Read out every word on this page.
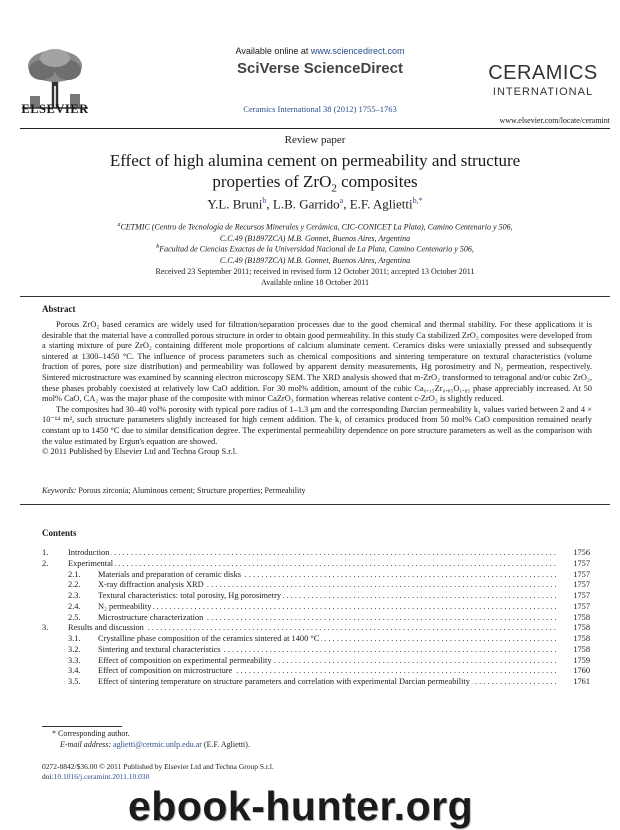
ELSEVIER
Available online at www.sciencedirect.com
SciVerse ScienceDirect
Ceramics International 38 (2012) 1755–1763
CERAMICS
INTERNATIONAL
www.elsevier.com/locate/ceramint
Review paper
Effect of high alumina cement on permeability and structure
properties of ZrO$_2$ composites
Y.L. Bruni$^b$, L.B. Garrido$^a$, E.F. Aglietti$^{b,*}$
$^a$CETMIC (Centro de Tecnología de Recursos Minerales y Cerámica, CIC-CONICET La Plata), Camino Centenario y 506,
C.C.49 (B1897ZCA) M.B. Gonnet, Buenos Aires, Argentina
$^b$Facultad de Ciencias Exactas de la Universidad Nacional de La Plata, Camino Centenario y 506,
C.C.49 (B1897ZCA) M.B. Gonnet, Buenos Aires, Argentina
Received 23 September 2011; received in revised form 12 October 2011; accepted 13 October 2011
Available online 18 October 2011
Abstract

Porous ZrO₂ based ceramics are widely used for filtration/separation processes due to the good chemical and thermal stability. For these applications it is desirable that the material have a controlled porous structure in order to obtain good permeability. In this study Ca stabilized ZrO₂ composites were developed from a starting mixture of pure ZrO₂ containing different mole proportions of calcium aluminate cement. Ceramics disks were uniaxially pressed and subsequently sintered at 1300–1450 °C. The influence of process parameters such as chemical compositions and sintering temperature on textural characteristics (volume fraction of pores, pore size distribution) and permeability was followed by apparent density measurements, Hg porosimetry and N₂ permeation, respectively. Sintered microstructure was examined by scanning electron microscopy SEM. The XRD analysis showed that m-ZrO₂ transformed to tetragonal and/or cubic ZrO₂, these phases probably coexisted at relatively low CaO addition. For 30 mol% addition, amount of the cubic Ca₀.₁₅Zr₀.₈₅O₁.₈₅ phase appreciably increased. At 50 mol% CaO, CA₂ was the major phase of the composite with minor CaZrO₃ formation whereas relative content c-ZrO₂ is slightly reduced.

The composites had 30–40 vol% porosity with typical pore radius of 1–1.3 μm and the corresponding Darcian permeability k₁ values varied between 2 and 4 × 10⁻¹⁴ m², such structure parameters slightly increased for high cement addition. The k₁ of ceramics produced from 50 mol% CaO composition remained nearly constant up to 1450 °C due to similar densification degree. The experimental permeability dependence on pore structure parameters as well as the comparison with the value estimated by Ergun's equation are showed.

© 2011 Published by Elsevier Ltd and Techna Group S.r.l.
Keywords: Porous zirconia; Aluminous cement; Structure properties; Permeability
Contents
1.	Introduction . . .	1756
2.	Experimental . . .	1757
2.1.	Materials and preparation of ceramic disks . . .	1757
2.2.	X-ray diffraction analysis XRD . . .	1757
2.3.	Textural characteristics: total porosity, Hg porosimetry . . .	1757
2.4.	N₂ permeability . . .	1757
2.5.	Microstructure characterization . . .	1758
3.	Results and discussion . . .	1758
3.1.	Crystalline phase composition of the ceramics sintered at 1400 °C . . .	1758
3.2.	Sintering and textural characteristics . . .	1758
3.3.	Effect of composition on experimental permeability . . .	1759
3.4.	Effect of composition on microstructure . . .	1760
3.5.	Effect of sintering temperature on structure parameters and correlation with experimental Darcian permeability . . .	1761
* Corresponding author.
E-mail address: aglietti@cetmic.unlp.edu.ar (E.F. Aglietti).
0272-8842/$36.00 © 2011 Published by Elsevier Ltd and Techna Group S.r.l.
doi:10.1016/j.ceramint.2011.10.030
ebook-hunter.org
